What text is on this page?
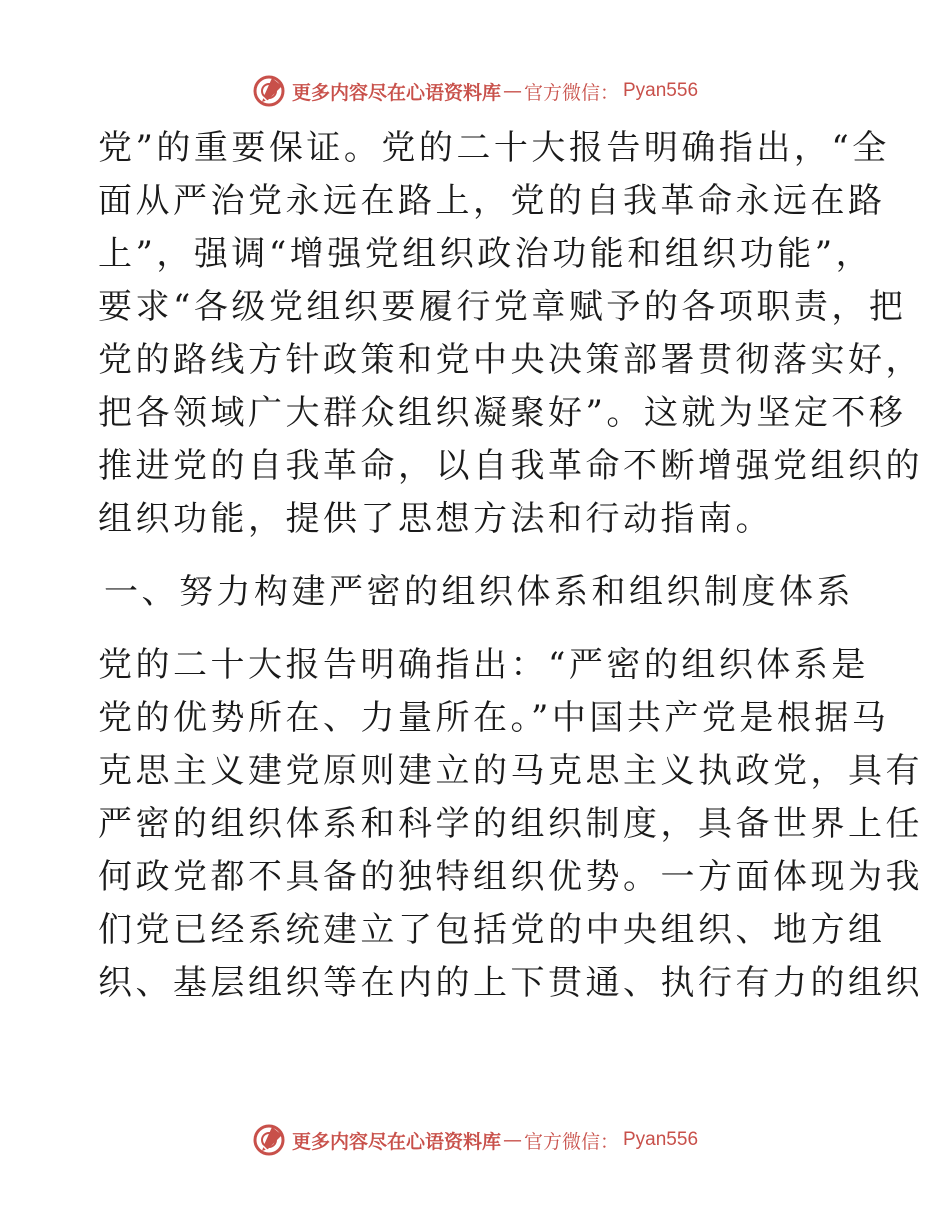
更多内容尽在心语资料库 — 官方微信： Pyan556

党”的重要保证。党的二十大报告明确指出，“全

面从严治党永远在路上，党的自我革命永远在路

上”，强调“增强党组织政治功能和组织功能”，

要求“各级党组织要履行党章赋予的各项职责，把

党的路线方针政策和党中央决策部署贯彻落实好，

把各领域广大群众组织凝聚好”。这就为坚定不移

推进党的自我革命，以自我革命不断增强党组织的

组织功能，提供了思想方法和行动指南。

一、努力构建严密的组织体系和组织制度体系

党的二十大报告明确指出：“严密的组织体系是

党的优势所在、力量所在。”中国共产党是根据马

克思主义建党原则建立的马克思主义执政党，具有

严密的组织体系和科学的组织制度，具备世界上任

何政党都不具备的独特组织优势。一方面体现为我

们党已经系统建立了包括党的中央组织、地方组

织、基层组织等在内的上下贯通、执行有力的组织

更多内容尽在心语资料库 — 官方微信： Pyan556
